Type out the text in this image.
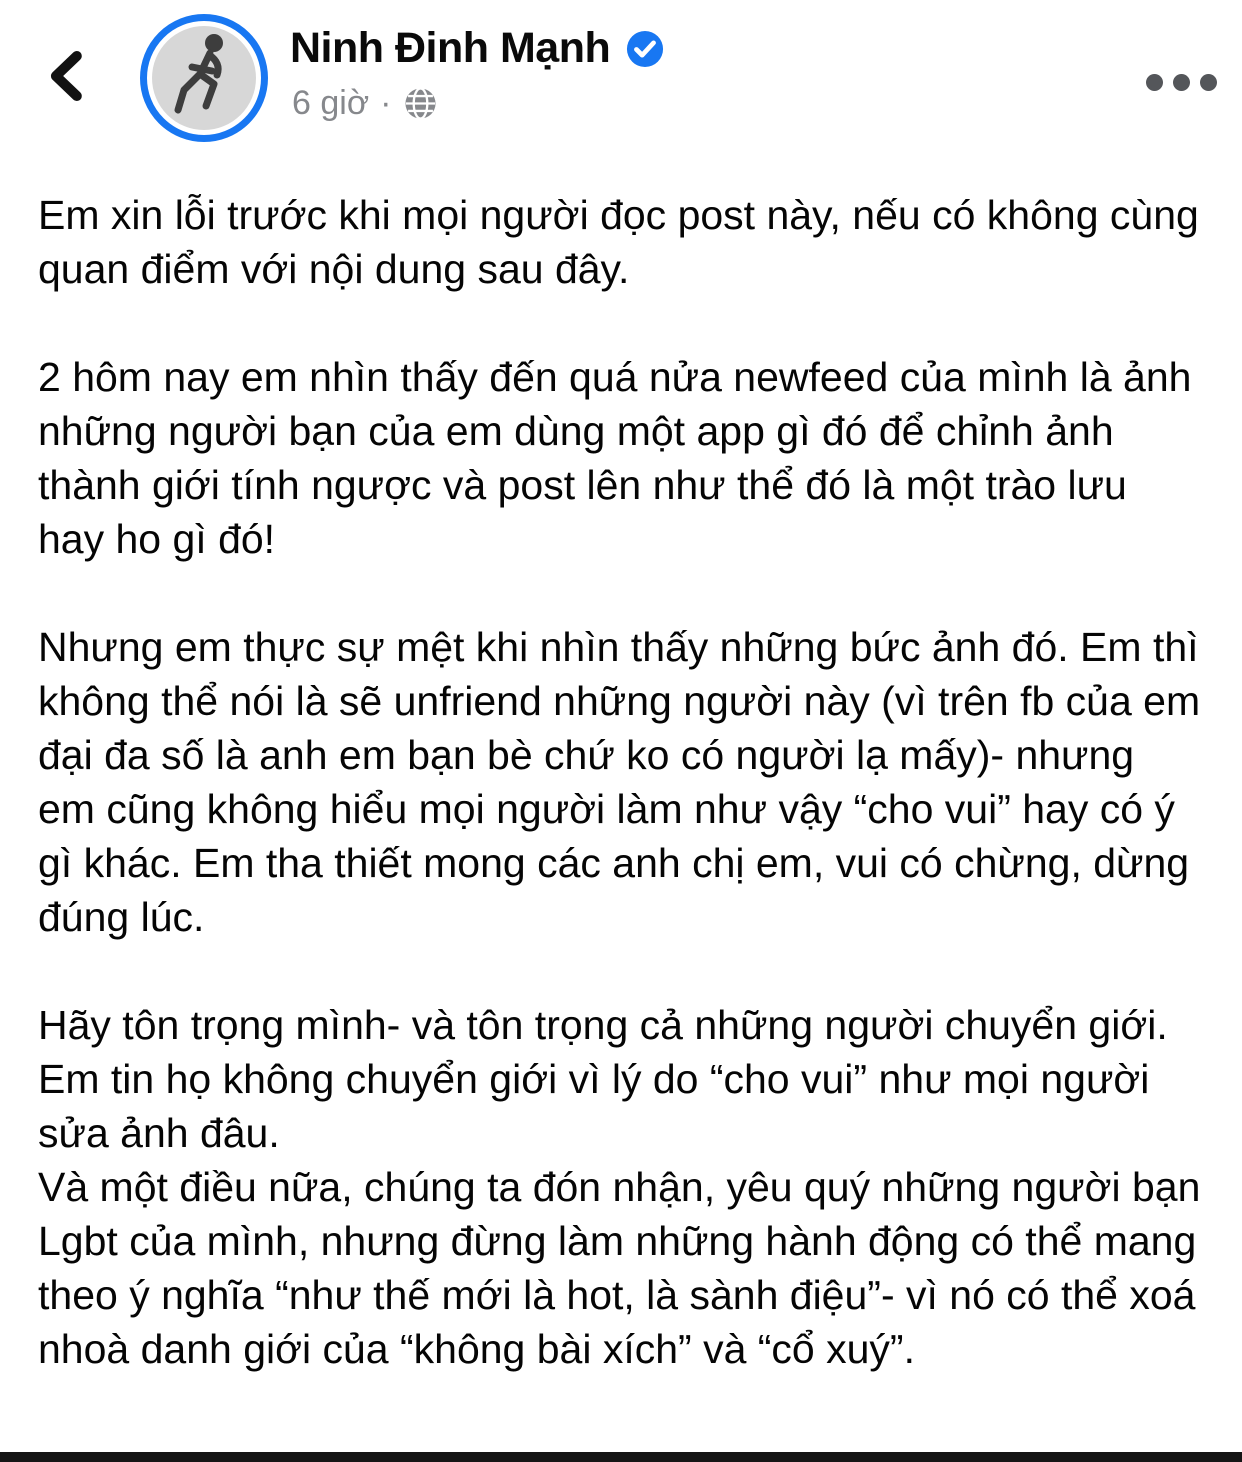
Ninh Đinh Mạnh
6 giờ ·

Em xin lỗi trước khi mọi người đọc post này, nếu có không cùng quan điểm với nội dung sau đây.

2 hôm nay em nhìn thấy đến quá nửa newfeed của mình là ảnh những người bạn của em dùng một app gì đó để chỉnh ảnh thành giới tính ngược và post lên như thể đó là một trào lưu hay ho gì đó!

Nhưng em thực sự mệt khi nhìn thấy những bức ảnh đó. Em thì không thể nói là sẽ unfriend những người này (vì trên fb của em đại đa số là anh em bạn bè chứ ko có người lạ mấy)- nhưng em cũng không hiểu mọi người làm như vậy “cho vui” hay có ý gì khác. Em tha thiết mong các anh chị em, vui có chừng, dừng đúng lúc.

Hãy tôn trọng mình- và tôn trọng cả những người chuyển giới. Em tin họ không chuyển giới vì lý do “cho vui” như mọi người sửa ảnh đâu.

Và một điều nữa, chúng ta đón nhận, yêu quý những người bạn Lgbt của mình, nhưng đừng làm những hành động có thể mang theo ý nghĩa “như thế mới là hot, là sành điệu”- vì nó có thể xoá nhoà danh giới của “không bài xích” và “cổ xuý”.
